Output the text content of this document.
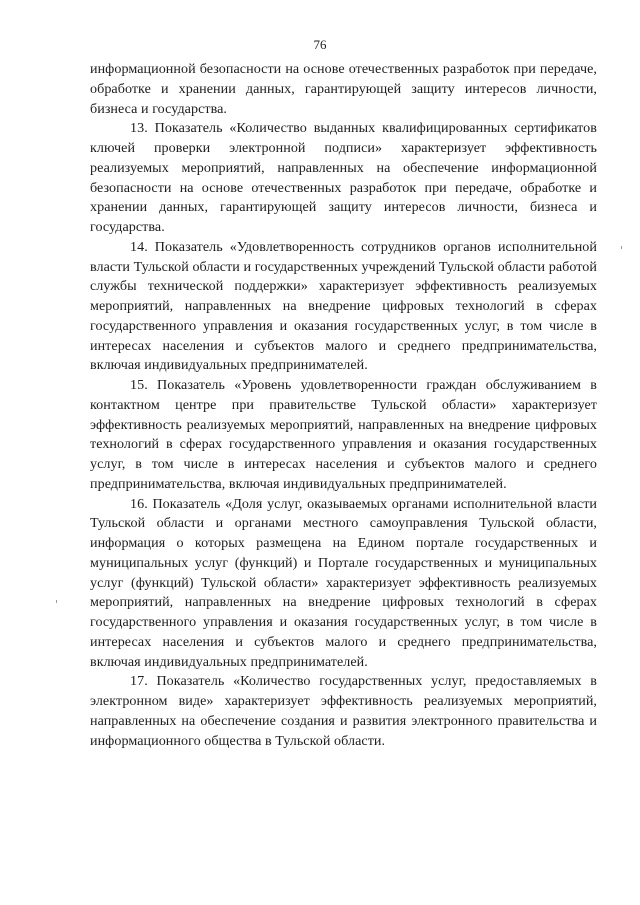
76

информационной безопасности на основе отечественных разработок при передаче, обработке и хранении данных, гарантирующей защиту интересов личности, бизнеса и государства.

13. Показатель «Количество выданных квалифицированных сертификатов ключей проверки электронной подписи» характеризует эффективность реализуемых мероприятий, направленных на обеспечение информационной безопасности на основе отечественных разработок при передаче, обработке и хранении данных, гарантирующей защиту интересов личности, бизнеса и государства.

14. Показатель «Удовлетворенность сотрудников органов исполнительной власти Тульской области и государственных учреждений Тульской области работой службы технической поддержки» характеризует эффективность реализуемых мероприятий, направленных на внедрение цифровых технологий в сферах государственного управления и оказания государственных услуг, в том числе в интересах населения и субъектов малого и среднего предпринимательства, включая индивидуальных предпринимателей.

15. Показатель «Уровень удовлетворенности граждан обслуживанием в контактном центре при правительстве Тульской области» характеризует эффективность реализуемых мероприятий, направленных на внедрение цифровых технологий в сферах государственного управления и оказания государственных услуг, в том числе в интересах населения и субъектов малого и среднего предпринимательства, включая индивидуальных предпринимателей.

16. Показатель «Доля услуг, оказываемых органами исполнительной власти Тульской области и органами местного самоуправления Тульской области, информация о которых размещена на Едином портале государственных и муниципальных услуг (функций) и Портале государственных и муниципальных услуг (функций) Тульской области» характеризует эффективность реализуемых мероприятий, направленных на внедрение цифровых технологий в сферах государственного управления и оказания государственных услуг, в том числе в интересах населения и субъектов малого и среднего предпринимательства, включая индивидуальных предпринимателей.

17. Показатель «Количество государственных услуг, предоставляемых в электронном виде» характеризует эффективность реализуемых мероприятий, направленных на обеспечение создания и развития электронного правительства и информационного общества в Тульской области.
